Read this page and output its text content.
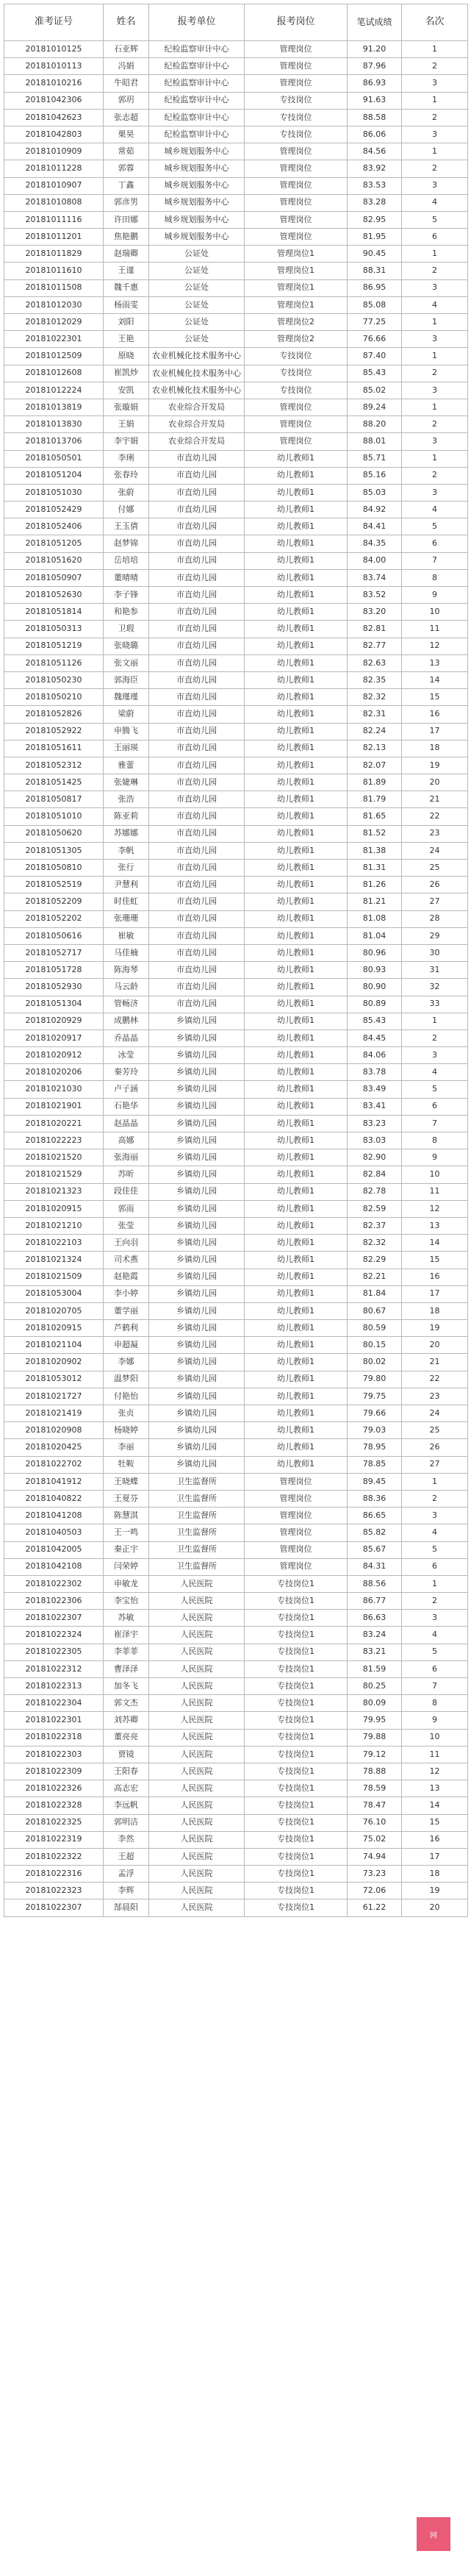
准考证号	姓名	报考单位	报考岗位	笔试成绩	名次
20181010125	石亚辉	纪检监察审计中心	管理岗位	91.20	1
20181010113	冯娟	纪检监察审计中心	管理岗位	87.96	2
20181010216	牛昭君	纪检监察审计中心	管理岗位	86.93	3
20181042306	郭玥	纪检监察审计中心	专技岗位	91.63	1
20181042623	张志超	纪检监察审计中心	专技岗位	88.58	2
20181042803	栗昊	纪检监察审计中心	专技岗位	86.06	3
20181010909	常茹	城乡规划服务中心	管理岗位	84.56	1
20181011228	郭蓉	城乡规划服务中心	管理岗位	83.92	2
20181010907	丁鑫	城乡规划服务中心	管理岗位	83.53	3
20181010808	郭彦男	城乡规划服务中心	管理岗位	83.28	4
20181011116	许田娜	城乡规划服务中心	管理岗位	82.95	5
20181011201	焦艳鹏	城乡规划服务中心	管理岗位	81.95	6
20181011829	赵瑞卿	公证处	管理岗位1	90.45	1
20181011610	王谨	公证处	管理岗位1	88.31	2
20181011508	魏千惠	公证处	管理岗位1	86.95	3
20181012030	杨雨雯	公证处	管理岗位1	85.08	4
20181012029	刘阳	公证处	管理岗位2	77.25	1
20181022301	王艳	公证处	管理岗位2	76.66	3
20181012509	原晓	农业机械化技术服务中心	专技岗位	87.40	1
20181012608	崔凯炒	农业机械化技术服务中心	专技岗位	85.43	2
20181012224	安凯	农业机械化技术服务中心	专技岗位	85.02	3
20181013819	张璇娟	农业综合开发局	管理岗位	89.24	1
20181013830	王娟	农业综合开发局	管理岗位	88.20	2
20181013706	李宇娟	农业综合开发局	管理岗位	88.01	3
20181050501	李琍	市直幼儿园	幼儿教师1	85.71	1
20181051204	张春玲	市直幼儿园	幼儿教师1	85.16	2
20181051030	张蔚	市直幼儿园	幼儿教师1	85.03	3
20181052429	付娜	市直幼儿园	幼儿教师1	84.92	4
20181052406	王玉倩	市直幼儿园	幼儿教师1	84.41	5
20181051205	赵梦锦	市直幼儿园	幼儿教师1	84.35	6
20181051620	岳培培	市直幼儿园	幼儿教师1	84.00	7
20181050907	董晴晴	市直幼儿园	幼儿教师1	83.74	8
20181052630	李子锋	市直幼儿园	幼儿教师1	83.52	9
20181051814	和艳参	市直幼儿园	幼儿教师1	83.20	10
20181050313	卫瑕	市直幼儿园	幼儿教师1	82.81	11
20181051219	张晓璐	市直幼儿园	幼儿教师1	82.77	12
20181051126	张文丽	市直幼儿园	幼儿教师1	82.63	13
20181050230	郭海臣	市直幼儿园	幼儿教师1	82.35	14
20181050210	魏瑾瑾	市直幼儿园	幼儿教师1	82.32	15
20181052826	梁蔚	市直幼儿园	幼儿教师1	82.31	16
20181052922	申腾飞	市直幼儿园	幼儿教师1	82.24	17
20181051611	王丽瑛	市直幼儿园	幼儿教师1	82.13	18
20181052312	雅蕾	市直幼儿园	幼儿教师1	82.07	19
20181051425	张婕琳	市直幼儿园	幼儿教师1	81.89	20
20181050817	张浩	市直幼儿园	幼儿教师1	81.79	21
20181051010	陈亚莉	市直幼儿园	幼儿教师1	81.65	22
20181050620	苏娜娜	市直幼儿园	幼儿教师1	81.52	23
20181051305	李帆	市直幼儿园	幼儿教师1	81.38	24
20181050810	张行	市直幼儿园	幼儿教师1	81.31	25
20181052519	尹慧利	市直幼儿园	幼儿教师1	81.26	26
20181052209	时佳虹	市直幼儿园	幼儿教师1	81.21	27
20181052202	张珊珊	市直幼儿园	幼儿教师1	81.08	28
20181050616	崔敏	市直幼儿园	幼儿教师1	81.04	29
20181052717	马佳楠	市直幼儿园	幼儿教师1	80.96	30
20181051728	陈海琴	市直幼儿园	幼儿教师1	80.93	31
20181052930	马云龄	市直幼儿园	幼儿教师1	80.90	32
20181051304	管畅济	市直幼儿园	幼儿教师1	80.89	33
20181020929	成鹏林	乡镇幼儿园	幼儿教师1	85.43	1
20181020917	乔晶晶	乡镇幼儿园	幼儿教师1	84.45	2
20181020912	冰莹	乡镇幼儿园	幼儿教师1	84.06	3
20181020206	秦芳玲	乡镇幼儿园	幼儿教师1	83.78	4
20181021030	卢子涵	乡镇幼儿园	幼儿教师1	83.49	5
20181021901	石艳华	乡镇幼儿园	幼儿教师1	83.41	6
20181020221	赵晶晶	乡镇幼儿园	幼儿教师1	83.23	7
20181022223	高娜	乡镇幼儿园	幼儿教师1	83.03	8
20181021520	张海丽	乡镇幼儿园	幼儿教师1	82.90	9
20181021529	苏昕	乡镇幼儿园	幼儿教师1	82.84	10
20181021323	段佳佳	乡镇幼儿园	幼儿教师1	82.78	11
20181020915	郭雨	乡镇幼儿园	幼儿教师1	82.59	12
20181021210	张莹	乡镇幼儿园	幼儿教师1	82.37	13
20181022103	王向羽	乡镇幼儿园	幼儿教师1	82.32	14
20181021324	司术燕	乡镇幼儿园	幼儿教师1	82.29	15
20181021509	赵艳霞	乡镇幼儿园	幼儿教师1	82.21	16
20181053004	李小婷	乡镇幼儿园	幼儿教师1	81.84	17
20181020705	董学丽	乡镇幼儿园	幼儿教师1	80.67	18
20181020915	芦鹤利	乡镇幼儿园	幼儿教师1	80.59	19
20181021104	申超凝	乡镇幼儿园	幼儿教师1	80.15	20
20181020902	李娜	乡镇幼儿园	幼儿教师1	80.02	21
20181053012	温梦阳	乡镇幼儿园	幼儿教师1	79.80	22
20181021727	付艳怡	乡镇幼儿园	幼儿教师1	79.75	23
20181021419	张贞	乡镇幼儿园	幼儿教师1	79.66	24
20181020908	杨晓婷	乡镇幼儿园	幼儿教师1	79.03	25
20181020425	李丽	乡镇幼儿园	幼儿教师1	78.95	26
20181022702	牡鞍	乡镇幼儿园	幼儿教师1	78.85	27
20181041912	王晓蝶	卫生监督所	管理岗位	89.45	1
20181040822	王夏芬	卫生监督所	管理岗位	88.36	2
20181041208	陈慧淇	卫生监督所	管理岗位	86.65	3
20181040503	王一鸣	卫生监督所	管理岗位	85.82	4
20181042005	秦正宇	卫生监督所	管理岗位	85.67	5
20181042108	闫荣婷	卫生监督所	管理岗位	84.31	6
20181022302	申敏龙	人民医院	专技岗位1	88.56	1
20181022306	李宝怡	人民医院	专技岗位1	86.77	2
20181022307	苏敏	人民医院	专技岗位1	86.63	3
20181022324	崔泽宇	人民医院	专技岗位1	83.24	4
20181022305	李菲菲	人民医院	专技岗位1	83.21	5
20181022312	曹泽泽	人民医院	专技岗位1	81.59	6
20181022313	加冬飞	人民医院	专技岗位1	80.25	7
20181022304	郭文杰	人民医院	专技岗位1	80.09	8
20181022301	刘苏卿	人民医院	专技岗位1	79.95	9
20181022318	董亮亮	人民医院	专技岗位1	79.88	10
20181022303	贾镜	人民医院	专技岗位1	79.12	11
20181022309	王阳春	人民医院	专技岗位1	78.88	12
20181022326	高志宏	人民医院	专技岗位1	78.59	13
20181022328	李远帆	人民医院	专技岗位1	78.47	14
20181022325	郭明洁	人民医院	专技岗位1	76.10	15
20181022319	李然	人民医院	专技岗位1	75.02	16
20181022322	王超	人民医院	专技岗位1	74.94	17
20181022316	孟浮	人民医院	专技岗位1	73.23	18
20181022323	李辉	人民医院	专技岗位1	72.06	19
20181022307	郜晨阳	人民医院	专技岗位1	61.22	20
网
